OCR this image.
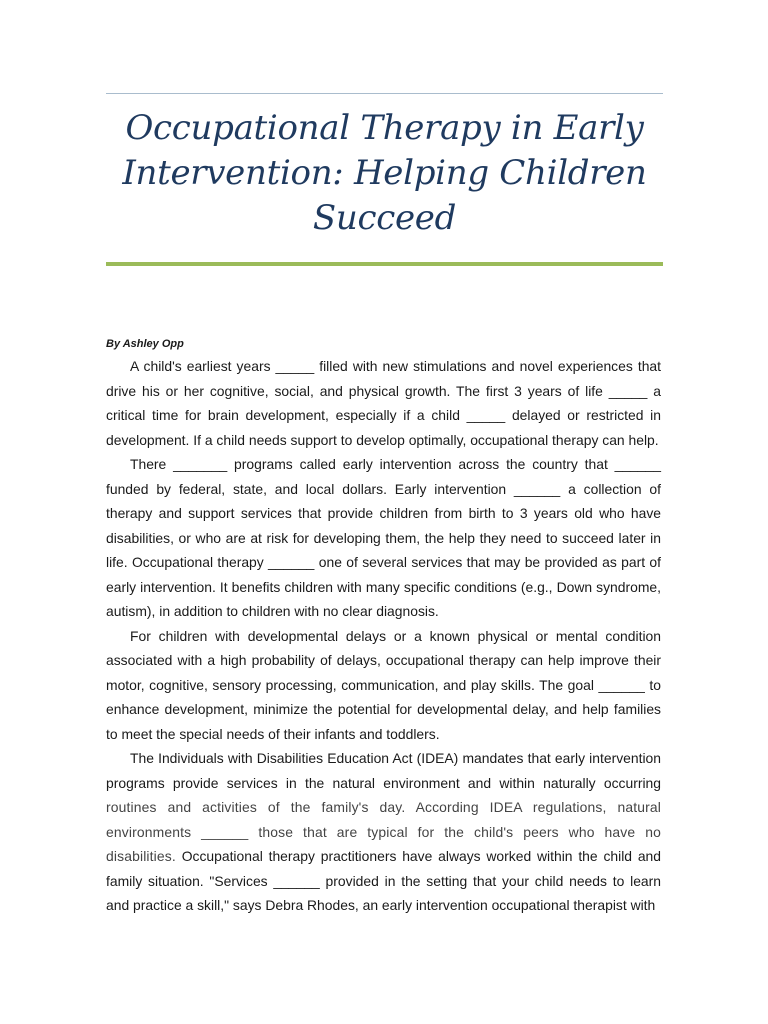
Occupational Therapy in Early Intervention: Helping Children Succeed
By Ashley Opp

A child's earliest years _____ filled with new stimulations and novel experiences that drive his or her cognitive, social, and physical growth. The first 3 years of life _____ a critical time for brain development, especially if a child _____ delayed or restricted in development. If a child needs support to develop optimally, occupational therapy can help.

There _______ programs called early intervention across the country that ______ funded by federal, state, and local dollars. Early intervention ______ a collection of therapy and support services that provide children from birth to 3 years old who have disabilities, or who are at risk for developing them, the help they need to succeed later in life. Occupational therapy ______ one of several services that may be provided as part of early intervention. It benefits children with many specific conditions (e.g., Down syndrome, autism), in addition to children with no clear diagnosis.

For children with developmental delays or a known physical or mental condition associated with a high probability of delays, occupational therapy can help improve their motor, cognitive, sensory processing, communication, and play skills. The goal ______ to enhance development, minimize the potential for developmental delay, and help families to meet the special needs of their infants and toddlers.

The Individuals with Disabilities Education Act (IDEA) mandates that early intervention programs provide services in the natural environment and within naturally occurring routines and activities of the family's day. According IDEA regulations, natural environments ______ those that are typical for the child's peers who have no disabilities. Occupational therapy practitioners have always worked within the child and family situation. "Services ______ provided in the setting that your child needs to learn and practice a skill," says Debra Rhodes, an early intervention occupational therapist with
